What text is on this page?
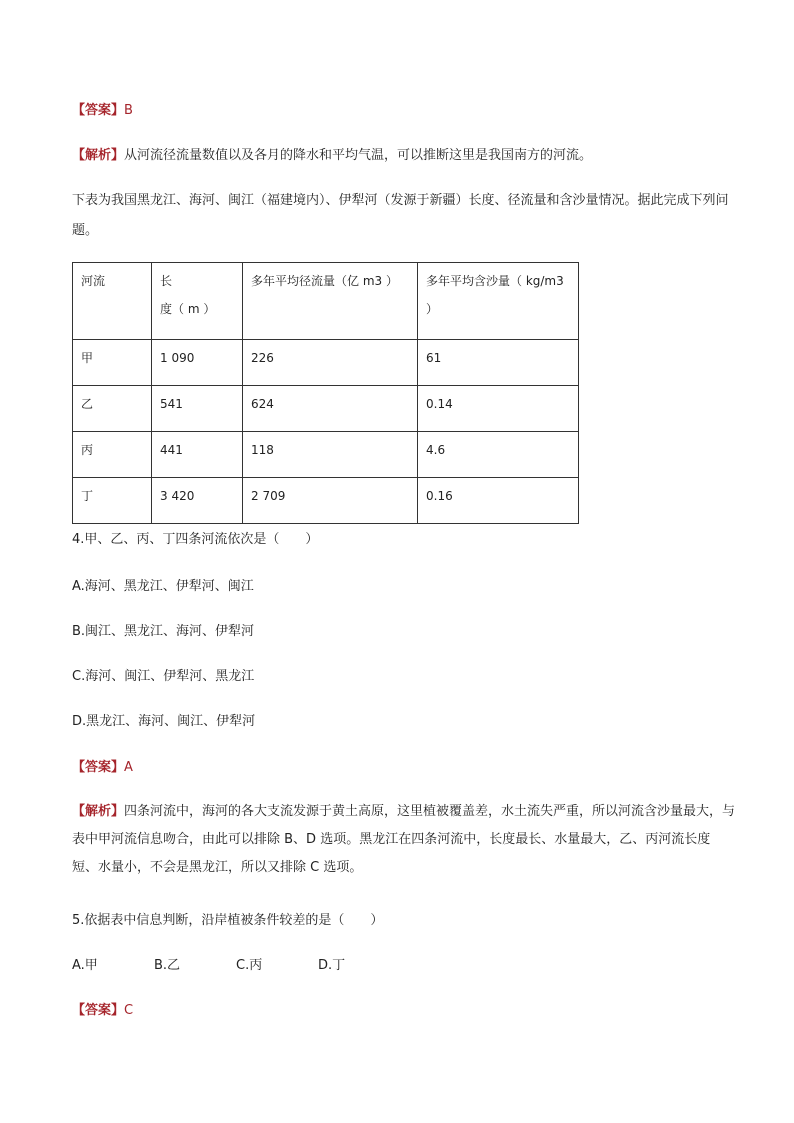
【答案】B
【解析】从河流径流量数值以及各月的降水和平均气温，可以推断这里是我国南方的河流。
下表为我国黑龙江、海河、闽江（福建境内）、伊犁河（发源于新疆）长度、径流量和含沙量情况。据此完成下列问题。
河流	长　　　　　度（ m ）	多年平均径流量（亿 m3 ）	多年平均含沙量（ kg/m3 ）
甲	1 090	226	61
乙	541	624	0.14
丙	441	118	4.6
丁	3 420	2 709	0.16
4.甲、乙、丙、丁四条河流依次是（　　）
A.海河、黑龙江、伊犁河、闽江
B.闽江、黑龙江、海河、伊犁河
C.海河、闽江、伊犁河、黑龙江
D.黑龙江、海河、闽江、伊犁河
【答案】A
【解析】四条河流中，海河的各大支流发源于黄土高原，这里植被覆盖差，水土流失严重，所以河流含沙量最大，与表中甲河流信息吻合，由此可以排除 B、D 选项。黑龙江在四条河流中，长度最长、水量最大，乙、丙河流长度短、水量小，不会是黑龙江，所以又排除 C 选项。
5.依据表中信息判断，沿岸植被条件较差的是（　　）
A.甲	B.乙	C.丙	D.丁
【答案】C
